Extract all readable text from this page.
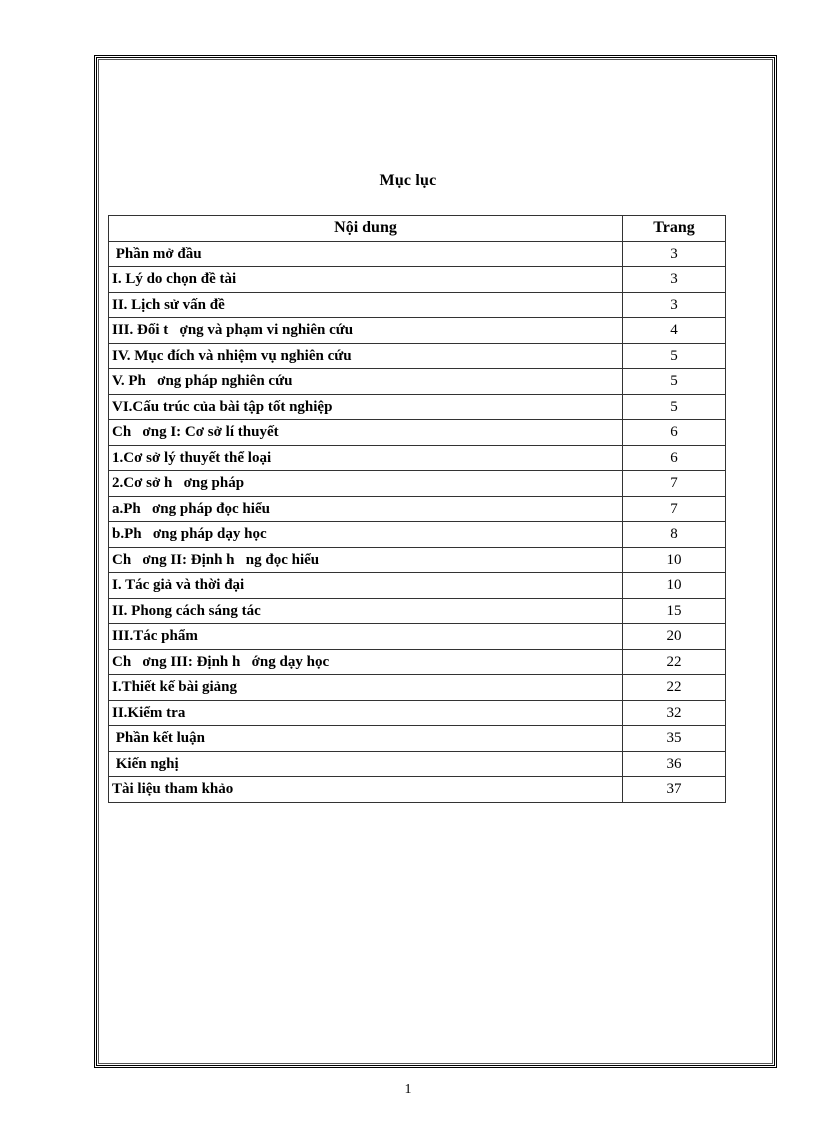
Mục lục
Nội dung	Trang
Phần mở đầu	3
I. Lý do chọn đề tài	3
II. Lịch sử vấn đề	3
III. Đối t   ợng và phạm vi nghiên cứu	4
IV. Mục đích và nhiệm vụ nghiên cứu	5
V. Ph   ơng pháp nghiên cứu	5
VI.Cấu trúc của bài tập tốt nghiệp	5
Ch   ơng I: Cơ sở lí thuyết	6
1.Cơ sở lý thuyết thể loại	6
2.Cơ sở h   ơng pháp	7
a.Ph   ơng pháp đọc hiểu	7
b.Ph   ơng pháp dạy học	8
Ch   ơng II: Định h   ng đọc hiểu	10
I. Tác giả và thời đại	10
II. Phong cách sáng tác	15
III.Tác phẩm	20
Ch   ơng III: Định h   ớng dạy học	22
I.Thiết kế bài giảng	22
II.Kiểm tra	32
Phần kết luận	35
Kiến nghị	36
Tài liệu tham khảo	37
1
